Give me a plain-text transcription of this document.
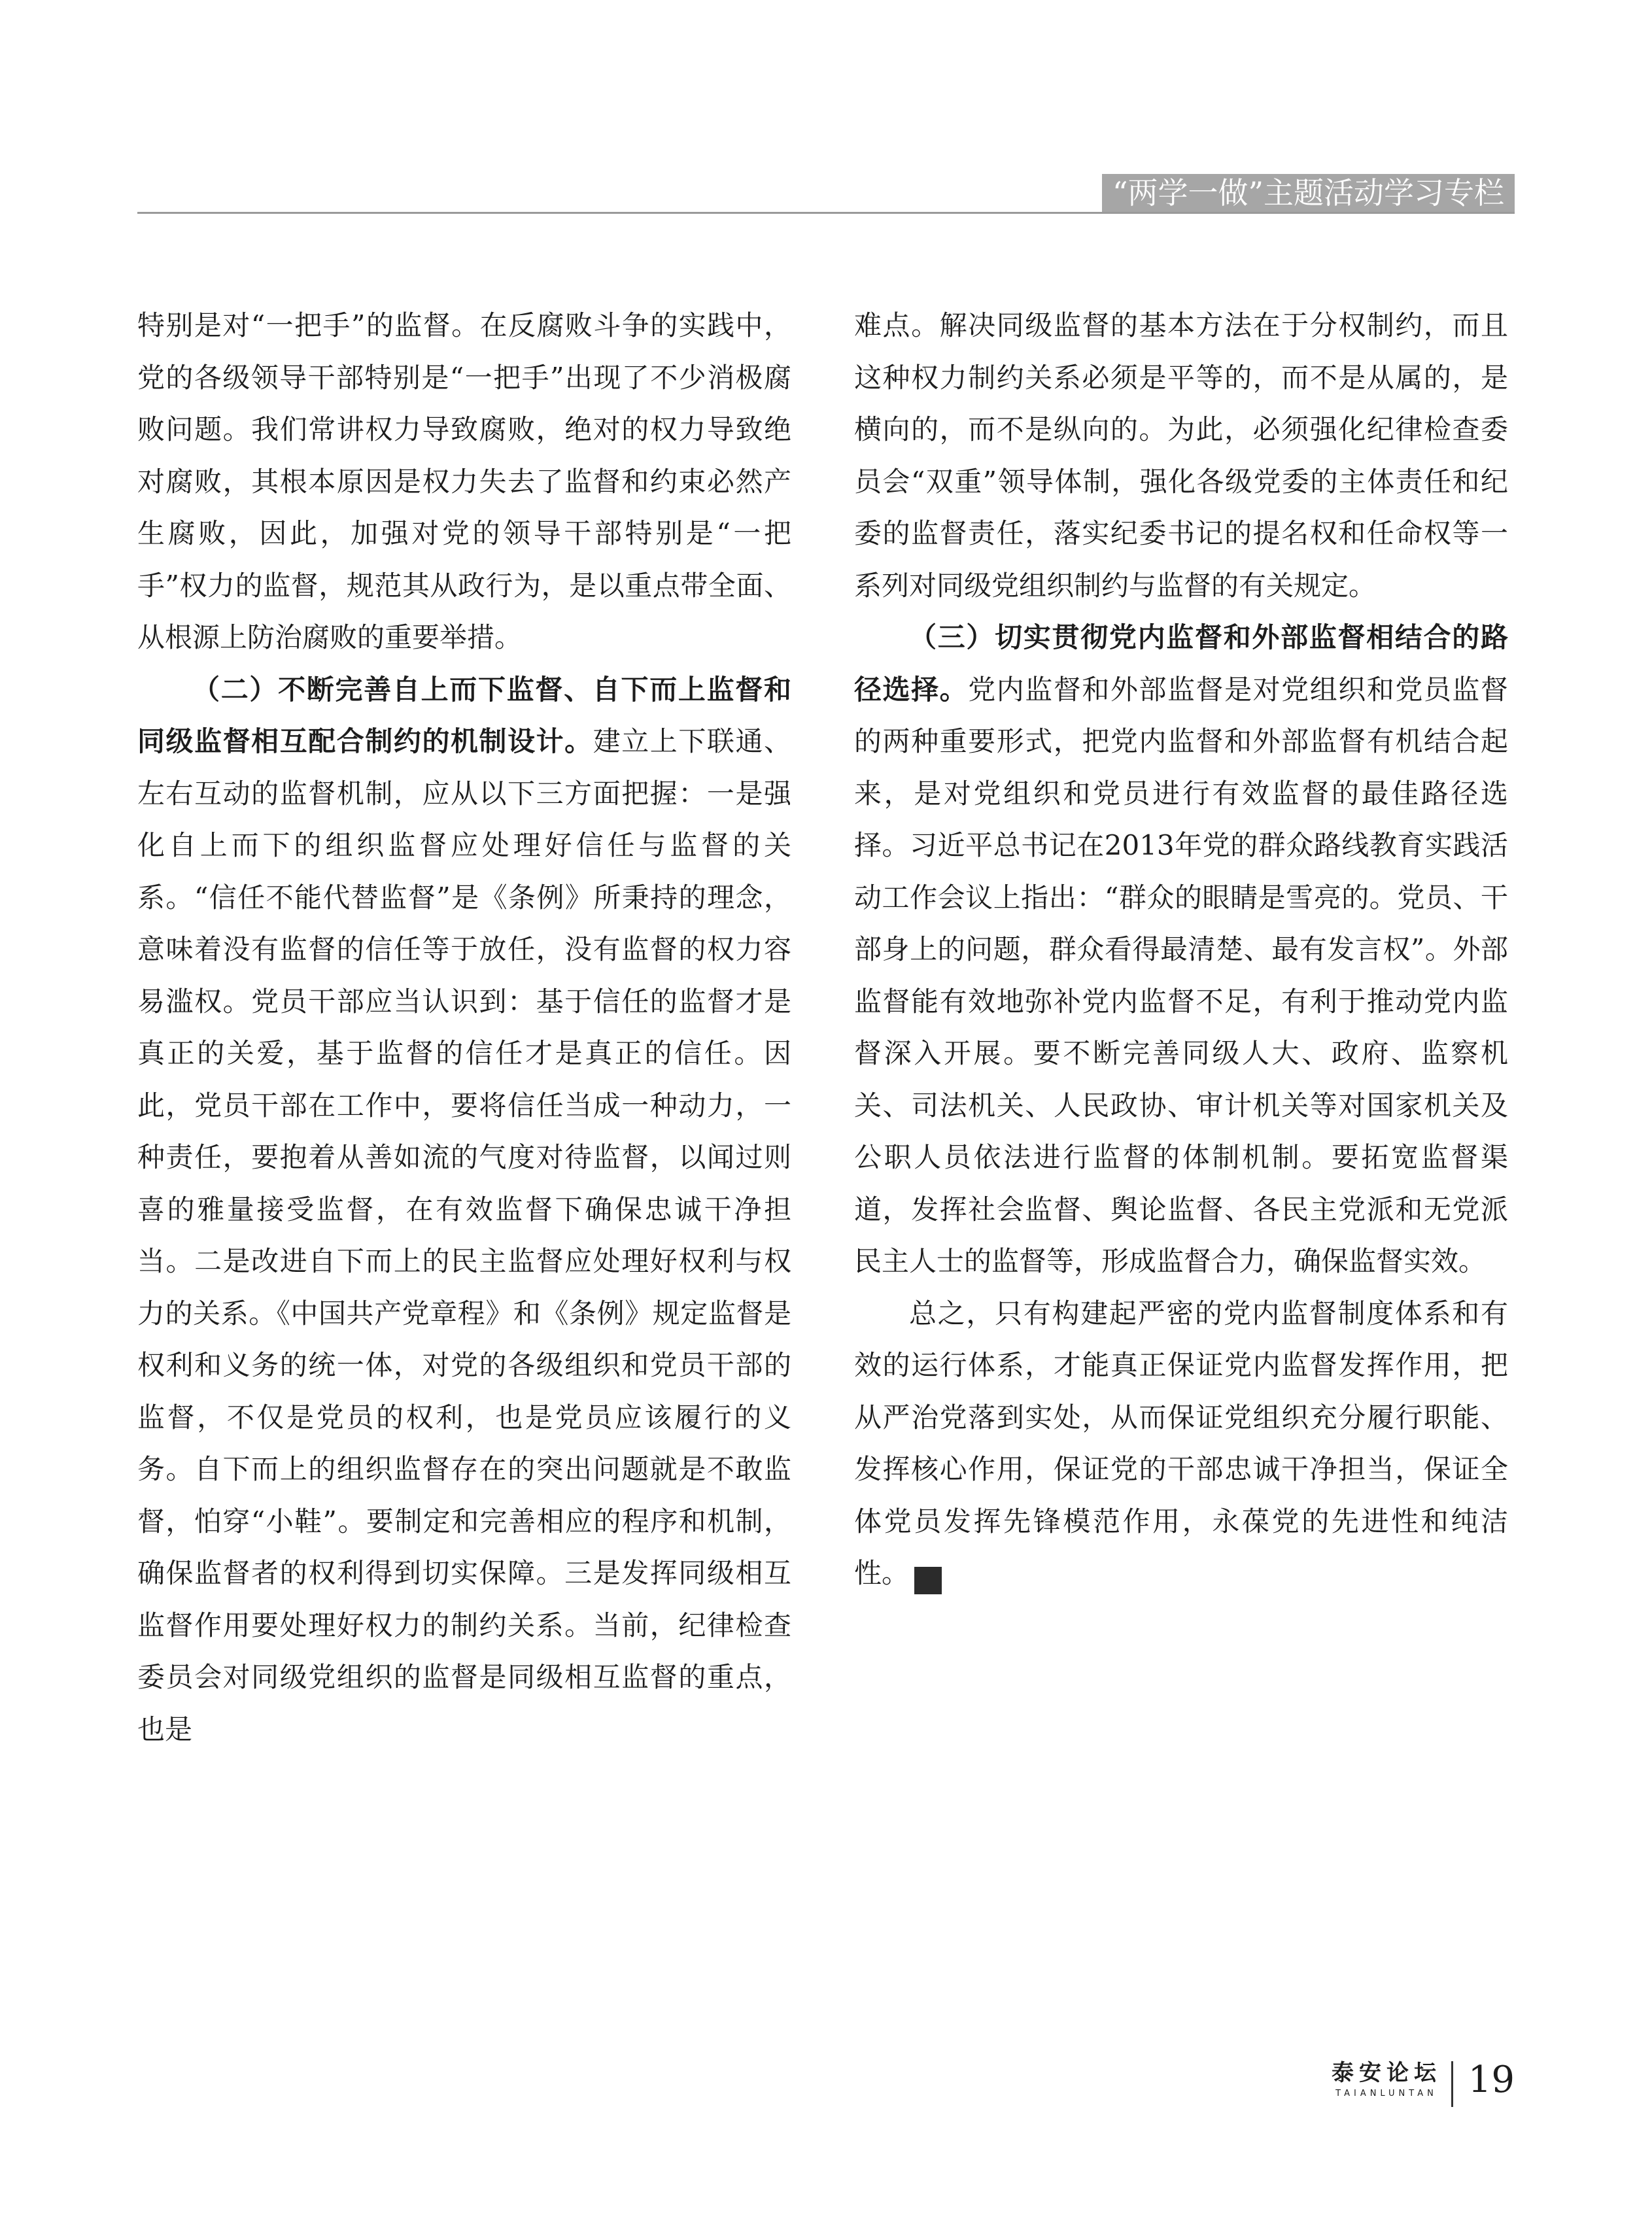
“两学一做”主题活动学习专栏

特别是对“一把手”的监督。在反腐败斗争的实践中，党的各级领导干部特别是“一把手”出现了不少消极腐败问题。我们常讲权力导致腐败，绝对的权力导致绝对腐败，其根本原因是权力失去了监督和约束必然产生腐败，因此，加强对党的领导干部特别是“一把手”权力的监督，规范其从政行为，是以重点带全面、从根源上防治腐败的重要举措。

（二）不断完善自上而下监督、自下而上监督和同级监督相互配合制约的机制设计。建立上下联通、左右互动的监督机制，应从以下三方面把握：一是强化自上而下的组织监督应处理好信任与监督的关系。“信任不能代替监督”是《条例》所秉持的理念，意味着没有监督的信任等于放任，没有监督的权力容易滥权。党员干部应当认识到：基于信任的监督才是真正的关爱，基于监督的信任才是真正的信任。因此，党员干部在工作中，要将信任当成一种动力，一种责任，要抱着从善如流的气度对待监督，以闻过则喜的雅量接受监督，在有效监督下确保忠诚干净担当。二是改进自下而上的民主监督应处理好权利与权力的关系。《中国共产党章程》和《条例》规定监督是权利和义务的统一体，对党的各级组织和党员干部的监督，不仅是党员的权利，也是党员应该履行的义务。自下而上的组织监督存在的突出问题就是不敢监督，怕穿“小鞋”。要制定和完善相应的程序和机制，确保监督者的权利得到切实保障。三是发挥同级相互监督作用要处理好权力的制约关系。当前，纪律检查委员会对同级党组织的监督是同级相互监督的重点，也是

难点。解决同级监督的基本方法在于分权制约，而且这种权力制约关系必须是平等的，而不是从属的，是横向的，而不是纵向的。为此，必须强化纪律检查委员会“双重”领导体制，强化各级党委的主体责任和纪委的监督责任，落实纪委书记的提名权和任命权等一系列对同级党组织制约与监督的有关规定。

（三）切实贯彻党内监督和外部监督相结合的路径选择。党内监督和外部监督是对党组织和党员监督的两种重要形式，把党内监督和外部监督有机结合起来，是对党组织和党员进行有效监督的最佳路径选择。习近平总书记在2013年党的群众路线教育实践活动工作会议上指出：“群众的眼睛是雪亮的。党员、干部身上的问题，群众看得最清楚、最有发言权”。外部监督能有效地弥补党内监督不足，有利于推动党内监督深入开展。要不断完善同级人大、政府、监察机关、司法机关、人民政协、审计机关等对国家机关及公职人员依法进行监督的体制机制。要拓宽监督渠道，发挥社会监督、舆论监督、各民主党派和无党派民主人士的监督等，形成监督合力，确保监督实效。

总之，只有构建起严密的党内监督制度体系和有效的运行体系，才能真正保证党内监督发挥作用，把从严治党落到实处，从而保证党组织充分履行职能、发挥核心作用，保证党的干部忠诚干净担当，保证全体党员发挥先锋模范作用，永葆党的先进性和纯洁性。	泰

泰安论坛
TAIANLUNTAN 19
